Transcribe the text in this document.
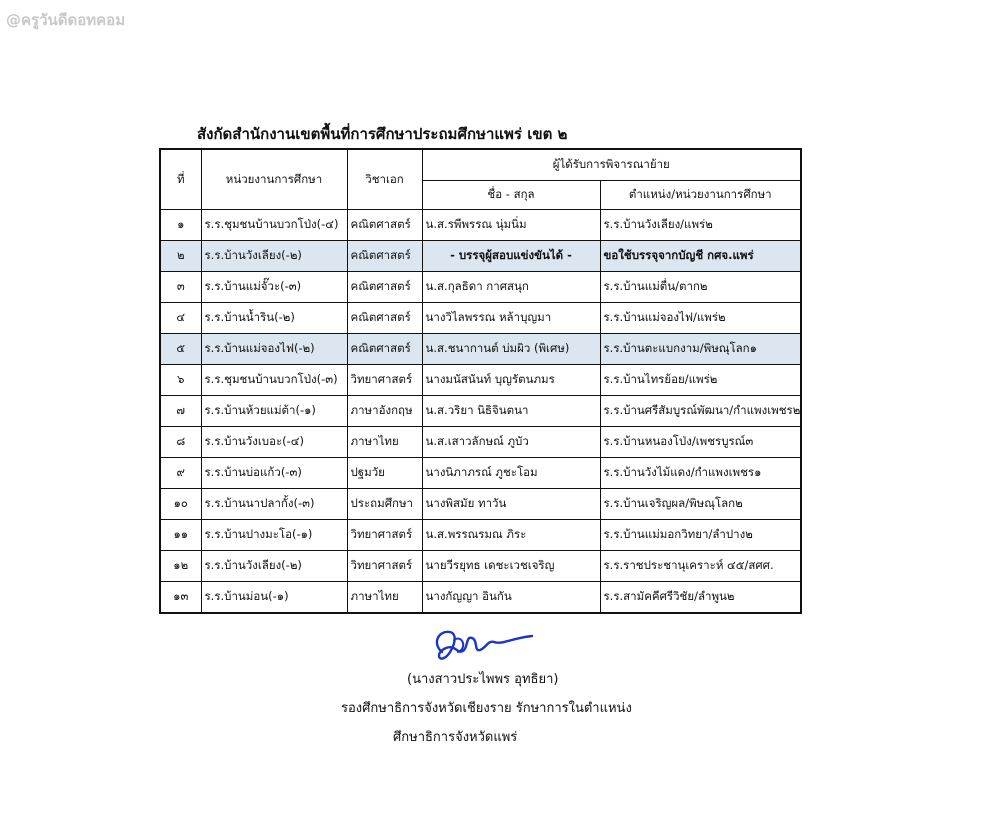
@ครูวันดีดอทคอม
สังกัดสำนักงานเขตพื้นที่การศึกษาประถมศึกษาแพร่ เขต ๒
ที่	หน่วยงานการศึกษา	วิชาเอก	ผู้ได้รับการพิจารณาย้าย	
			ชื่อ - สกุล	ตำแหน่ง/หน่วยงานการศึกษา
๑	ร.ร.ชุมชนบ้านบวกโป่ง(-๔)	คณิตศาสตร์	น.ส.รพีพรรณ นุ่มนิ่ม	ร.ร.บ้านวังเลียง/แพร่๒
๒	ร.ร.บ้านวังเลียง(-๒)	คณิตศาสตร์	- บรรจุผู้สอบแข่งขันได้ -	ขอใช้บรรจุจากบัญชี กศจ.แพร่
๓	ร.ร.บ้านแม่จั๊วะ(-๓)	คณิตศาสตร์	น.ส.กุลธิดา กาศสนุก	ร.ร.บ้านแม่ตื่น/ตาก๒
๔	ร.ร.บ้านน้ำริน(-๒)	คณิตศาสตร์	นางวิไลพรรณ หล้าบุญมา	ร.ร.บ้านแม่จองไฟ/แพร่๒
๕	ร.ร.บ้านแม่จองไฟ(-๒)	คณิตศาสตร์	น.ส.ชนากานต์ บ่มผิว (พิเศษ)	ร.ร.บ้านตะแบกงาม/พิษณุโลก๑
๖	ร.ร.ชุมชนบ้านบวกโป่ง(-๓)	วิทยาศาสตร์	นางมนัสนันท์ บุญรัตนภมร	ร.ร.บ้านไทรย้อย/แพร่๒
๗	ร.ร.บ้านห้วยแม่ต้า(-๑)	ภาษาอังกฤษ	น.ส.วริยา นิธิจินตนา	ร.ร.บ้านศรีสัมบูรณ์พัฒนา/กำแพงเพชร๒
๘	ร.ร.บ้านวังเบอะ(-๔)	ภาษาไทย	น.ส.เสาวลักษณ์ ภูบัว	ร.ร.บ้านหนองโป่ง/เพชรบูรณ์๓
๙	ร.ร.บ้านบ่อแก้ว(-๓)	ปฐมวัย	นางนิภาภรณ์ ภูชะโอม	ร.ร.บ้านวังไม้แดง/กำแพงเพชร๑
๑๐	ร.ร.บ้านนาปลากั้ง(-๓)	ประถมศึกษา	นางพิสมัย ทาวัน	ร.ร.บ้านเจริญผล/พิษณุโลก๒
๑๑	ร.ร.บ้านปางมะโอ(-๑)	วิทยาศาสตร์	น.ส.พรรณรมณ ภิระ	ร.ร.บ้านแม่มอกวิทยา/ลำปาง๒
๑๒	ร.ร.บ้านวังเลียง(-๒)	วิทยาศาสตร์	นายวีรยุทธ เดชะเวชเจริญ	ร.ร.ราชประชานุเคราะห์ ๔๕/สศศ.
๑๓	ร.ร.บ้านม่อน(-๑)	ภาษาไทย	นางกัญญา อินกัน	ร.ร.สามัคคีศรีวิชัย/ลำพูน๒
(นางสาวประไพพร อุทธิยา)
รองศึกษาธิการจังหวัดเชียงราย รักษาการในตำแหน่ง
ศึกษาธิการจังหวัดแพร่
